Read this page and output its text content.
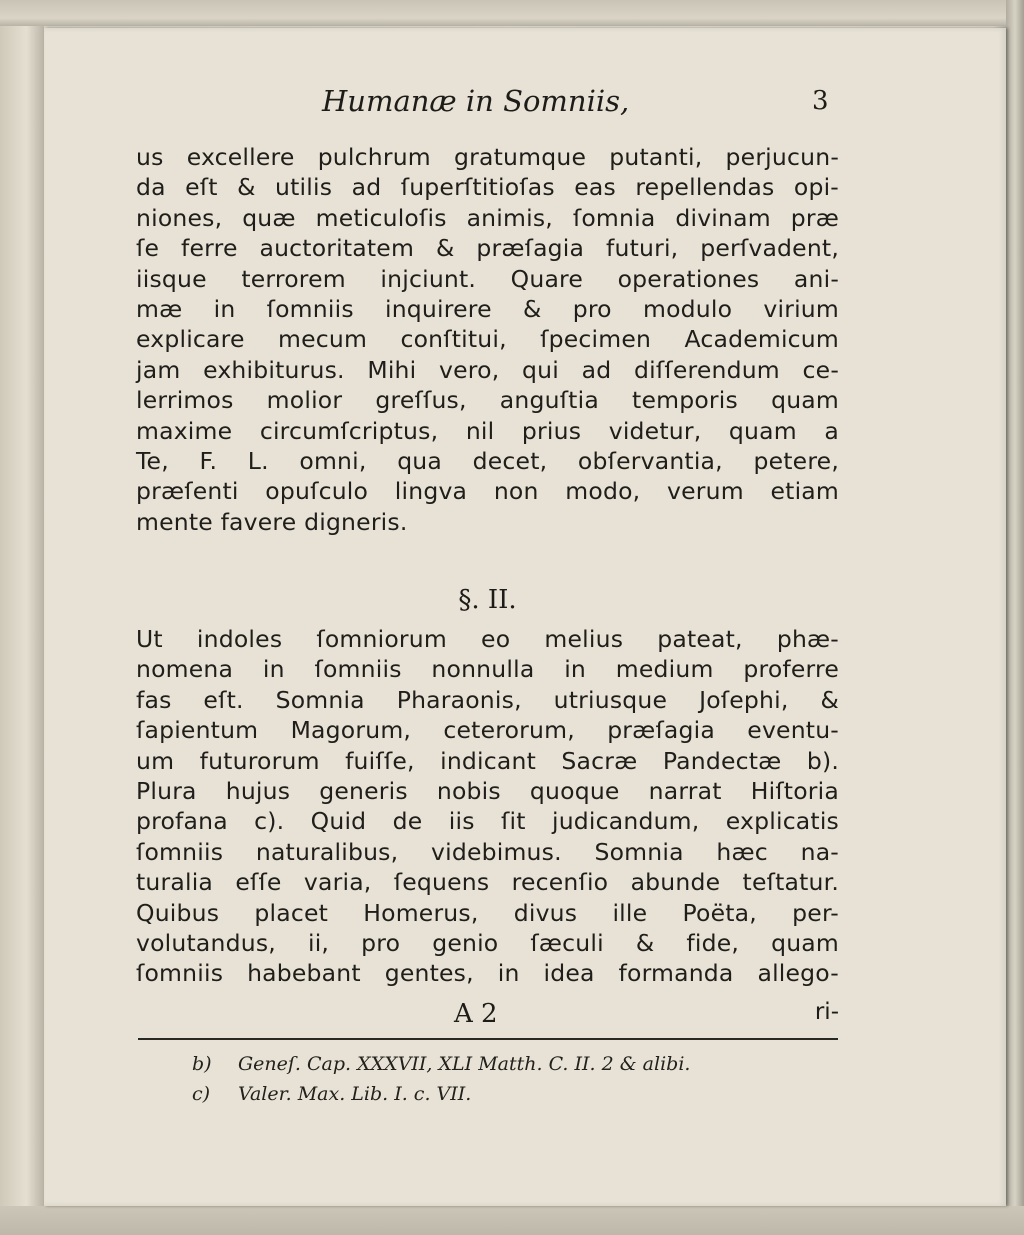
Humanæ in Somniis,	3
us excellere pulchrum gratumque putanti, perjucun-
da eſt & utilis ad ſuperſtitioſas eas repellendas opi-
niones, quæ meticuloſis animis, ſomnia divinam præ
ſe ferre auctoritatem & præſagia futuri, perſvadent,
iisque terrorem injciunt. Quare operationes ani-
mæ in ſomniis inquirere & pro modulo virium
explicare mecum conſtitui, ſpecimen Academicum
jam exhibiturus. Mihi vero, qui ad diſſerendum ce-
lerrimos molior greſſus, anguſtia temporis quam
maxime circumſcriptus, nil prius videtur, quam a
Te, F. L. omni, qua decet, obſervantia, petere,
præſenti opuſculo lingva non modo, verum etiam
mente favere digneris.
§. II.
Ut indoles ſomniorum eo melius pateat, phæ-
nomena in ſomniis nonnulla in medium proferre
fas eſt. Somnia Pharaonis, utriusque Joſephi, &
ſapientum Magorum, ceterorum, præſagia eventu-
um futurorum fuiſſe, indicant Sacræ Pandectæ b).
Plura hujus generis nobis quoque narrat Hiſtoria
profana c). Quid de iis ſit judicandum, explicatis
ſomniis naturalibus, videbimus. Somnia hæc na-
turalia eſſe varia, ſequens recenſio abunde teſtatur.
Quibus placet Homerus, divus ille Poëta, per-
volutandus, ii, pro genio ſæculi & fide, quam
ſomniis habebant gentes, in idea formanda allego-
A 2	ri-
b) Geneſ. Cap. XXXVII, XLI Matth. C. II. 2 & alibi.
c) Valer. Max. Lib. I. c. VII.
